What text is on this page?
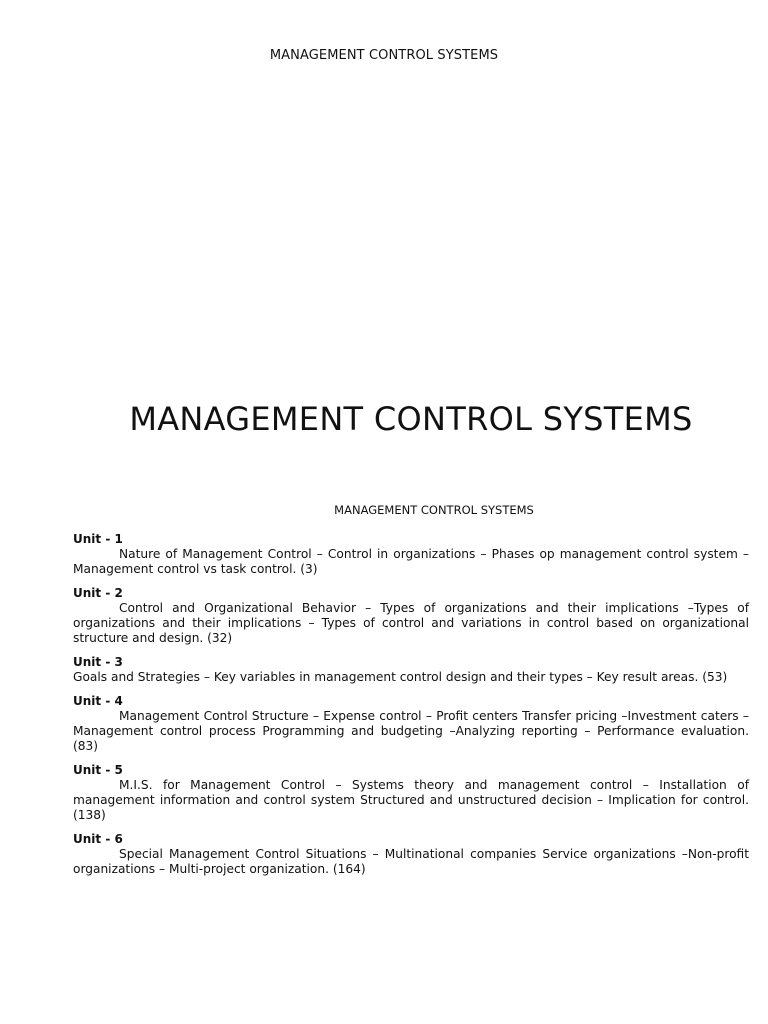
MANAGEMENT CONTROL SYSTEMS
MANAGEMENT CONTROL SYSTEMS
MANAGEMENT CONTROL SYSTEMS
Unit - 1

Nature of Management Control – Control in organizations – Phases op management control system – Management control vs task control. (3)

Unit - 2

Control and Organizational Behavior – Types of organizations and their implications –Types of organizations and their implications – Types of control and variations in control based on organizational structure and design. (32)

Unit - 3

Goals and Strategies – Key variables in management control design and their types – Key result areas. (53)

Unit - 4

Management Control Structure – Expense control – Profit centers Transfer pricing –Investment caters – Management control process Programming and budgeting –Analyzing reporting – Performance evaluation. (83)

Unit - 5

M.I.S. for Management Control – Systems theory and management control – Installation of management information and control system Structured and unstructured decision – Implication for control. (138)

Unit - 6

Special Management Control Situations – Multinational companies Service organizations –Non-profit organizations – Multi-project organization. (164)
